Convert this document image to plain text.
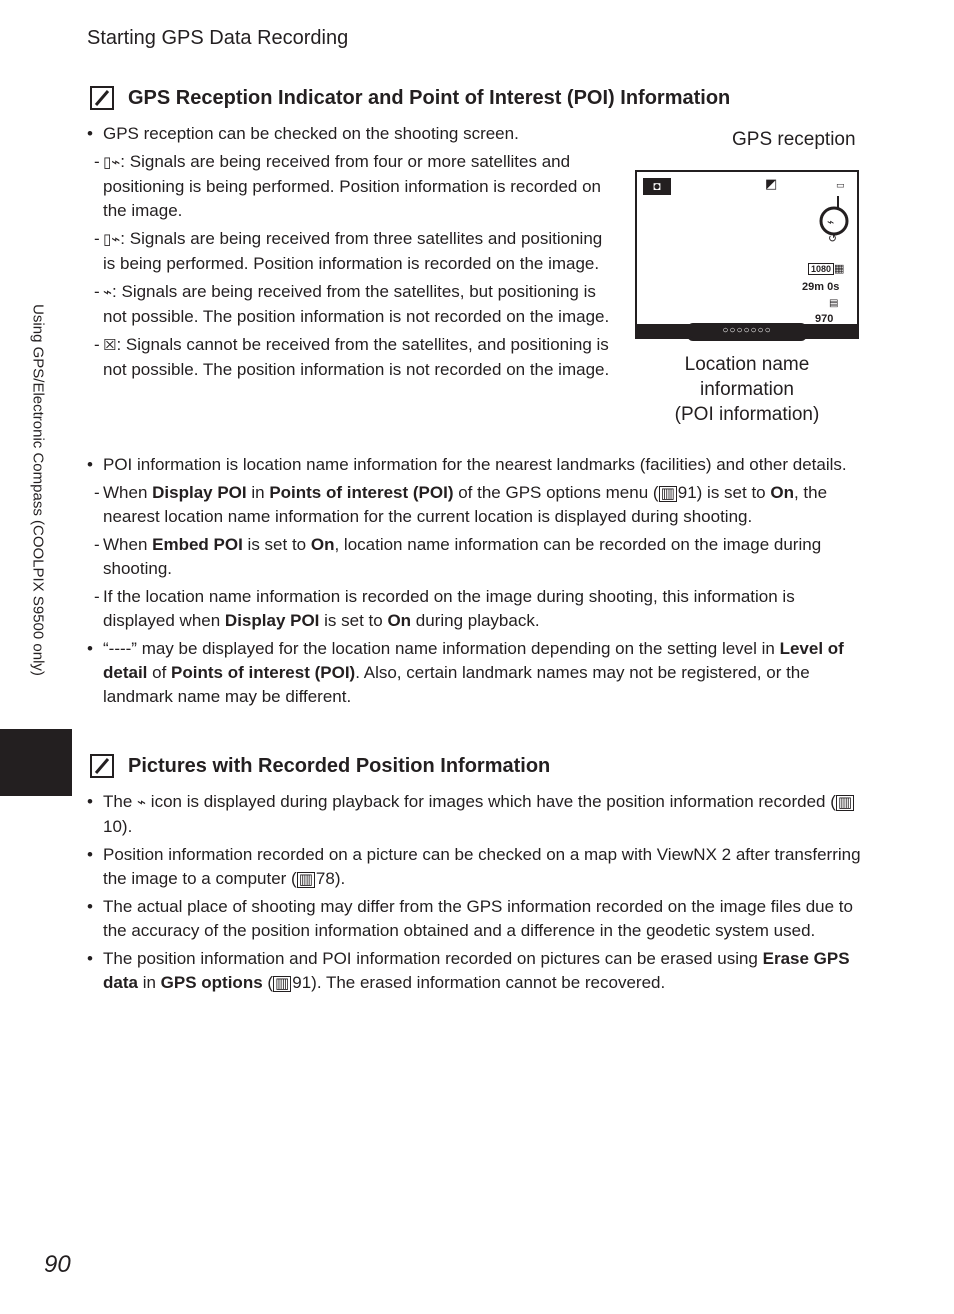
Starting GPS Data Recording
Using GPS/Electronic Compass (COOLPIX S9500 only)
GPS Reception Indicator and Point of Interest (POI) Information
• GPS reception can be checked on the shooting screen.
- ▯⌁: Signals are being received from four or more satellites and positioning is being performed. Position information is recorded on the image.
- ▯⌁: Signals are being received from three satellites and positioning is being performed. Position information is recorded on the image.
- ⌁: Signals are being received from the satellites, but positioning is not possible. The position information is not recorded on the image.
- ☒: Signals cannot be received from the satellites, and positioning is not possible. The position information is not recorded on the image.
GPS reception
◘	◩	▭
↺
⌁
1080 ▦
29m 0s
▤
970
○○○○○○○
Location name
information
(POI information)
• POI information is location name information for the nearest landmarks (facilities) and other details.
- When Display POI in Points of interest (POI) of the GPS options menu ( ▥ 91) is set to On, the nearest location name information for the current location is displayed during shooting.
- When Embed POI is set to On, location name information can be recorded on the image during shooting.
- If the location name information is recorded on the image during shooting, this information is displayed when Display POI is set to On during playback.
• “----” may be displayed for the location name information depending on the setting level in Level of detail of Points of interest (POI). Also, certain landmark names may not be registered, or the landmark name may be different.
Pictures with Recorded Position Information
• The ⌁ icon is displayed during playback for images which have the position information recorded ( ▥10).
• Position information recorded on a picture can be checked on a map with ViewNX 2 after transferring the image to a computer ( ▥ 78).
• The actual place of shooting may differ from the GPS information recorded on the image files due to the accuracy of the position information obtained and a difference in the geodetic system used.
• The position information and POI information recorded on pictures can be erased using Erase GPS data in GPS options ( ▥ 91). The erased information cannot be recovered.
90
